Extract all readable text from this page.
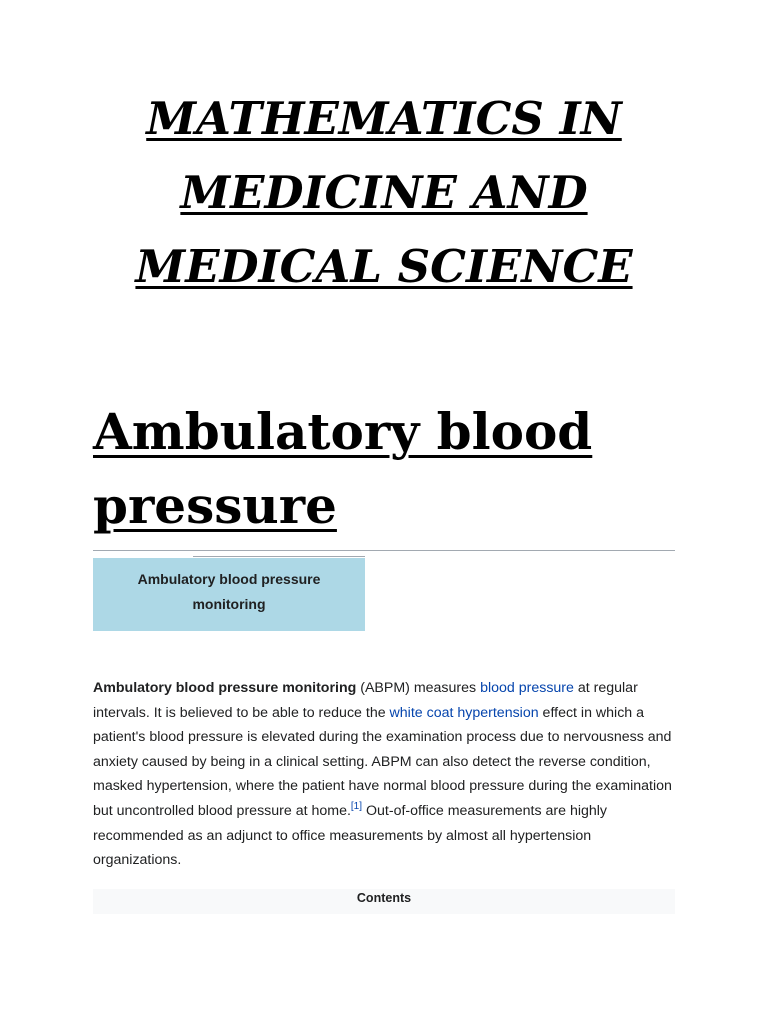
MATHEMATICS IN
MEDICINE AND
MEDICAL SCIENCE
Ambulatory blood
pressure
Ambulatory blood pressure monitoring

Ambulatory blood pressure monitoring (ABPM) measures blood pressure at regular intervals. It is believed to be able to reduce the white coat hypertension effect in which a patient's blood pressure is elevated during the examination process due to nervousness and anxiety caused by being in a clinical setting. ABPM can also detect the reverse condition, masked hypertension, where the patient have normal blood pressure during the examination but uncontrolled blood pressure at home.[1] Out-of-office measurements are highly recommended as an adjunct to office measurements by almost all hypertension organizations.

Contents
